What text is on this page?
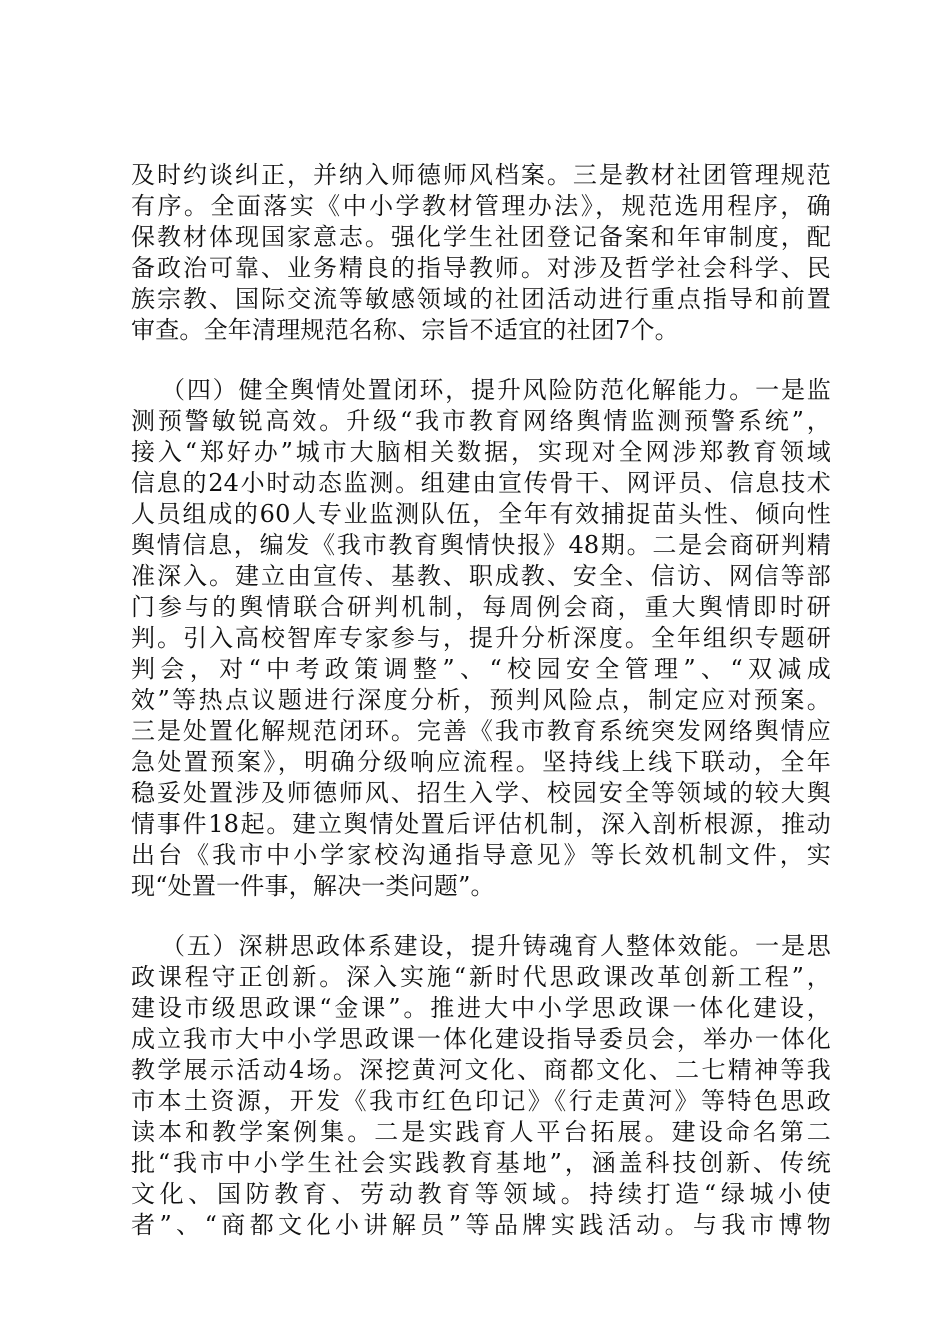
及时约谈纠正，并纳入师德师风档案。三是教材社团管理规范
有序。全面落实《中小学教材管理办法》，规范选用程序，确
保教材体现国家意志。强化学生社团登记备案和年审制度，配
备政治可靠、业务精良的指导教师。对涉及哲学社会科学、民
族宗教、国际交流等敏感领域的社团活动进行重点指导和前置
审查。全年清理规范名称、宗旨不适宜的社团7个。
（四）健全舆情处置闭环，提升风险防范化解能力。一是监
测预警敏锐高效。升级“我市教育网络舆情监测预警系统”，
接入“郑好办”城市大脑相关数据，实现对全网涉郑教育领域
信息的24小时动态监测。组建由宣传骨干、网评员、信息技术
人员组成的60人专业监测队伍，全年有效捕捉苗头性、倾向性
舆情信息，编发《我市教育舆情快报》48期。二是会商研判精
准深入。建立由宣传、基教、职成教、安全、信访、网信等部
门参与的舆情联合研判机制，每周例会商，重大舆情即时研
判。引入高校智库专家参与，提升分析深度。全年组织专题研
判会，对“中考政策调整”、“校园安全管理”、“双减成
效”等热点议题进行深度分析，预判风险点，制定应对预案。
三是处置化解规范闭环。完善《我市教育系统突发网络舆情应
急处置预案》，明确分级响应流程。坚持线上线下联动，全年
稳妥处置涉及师德师风、招生入学、校园安全等领域的较大舆
情事件18起。建立舆情处置后评估机制，深入剖析根源，推动
出台《我市中小学家校沟通指导意见》等长效机制文件，实
现“处置一件事，解决一类问题”。
（五）深耕思政体系建设，提升铸魂育人整体效能。一是思
政课程守正创新。深入实施“新时代思政课改革创新工程”，
建设市级思政课“金课”。推进大中小学思政课一体化建设，
成立我市大中小学思政课一体化建设指导委员会，举办一体化
教学展示活动4场。深挖黄河文化、商都文化、二七精神等我
市本土资源，开发《我市红色印记》《行走黄河》等特色思政
读本和教学案例集。二是实践育人平台拓展。建设命名第二
批“我市中小学生社会实践教育基地”，涵盖科技创新、传统
文化、国防教育、劳动教育等领域。持续打造“绿城小使
者”、“商都文化小讲解员”等品牌实践活动。与我市博物
